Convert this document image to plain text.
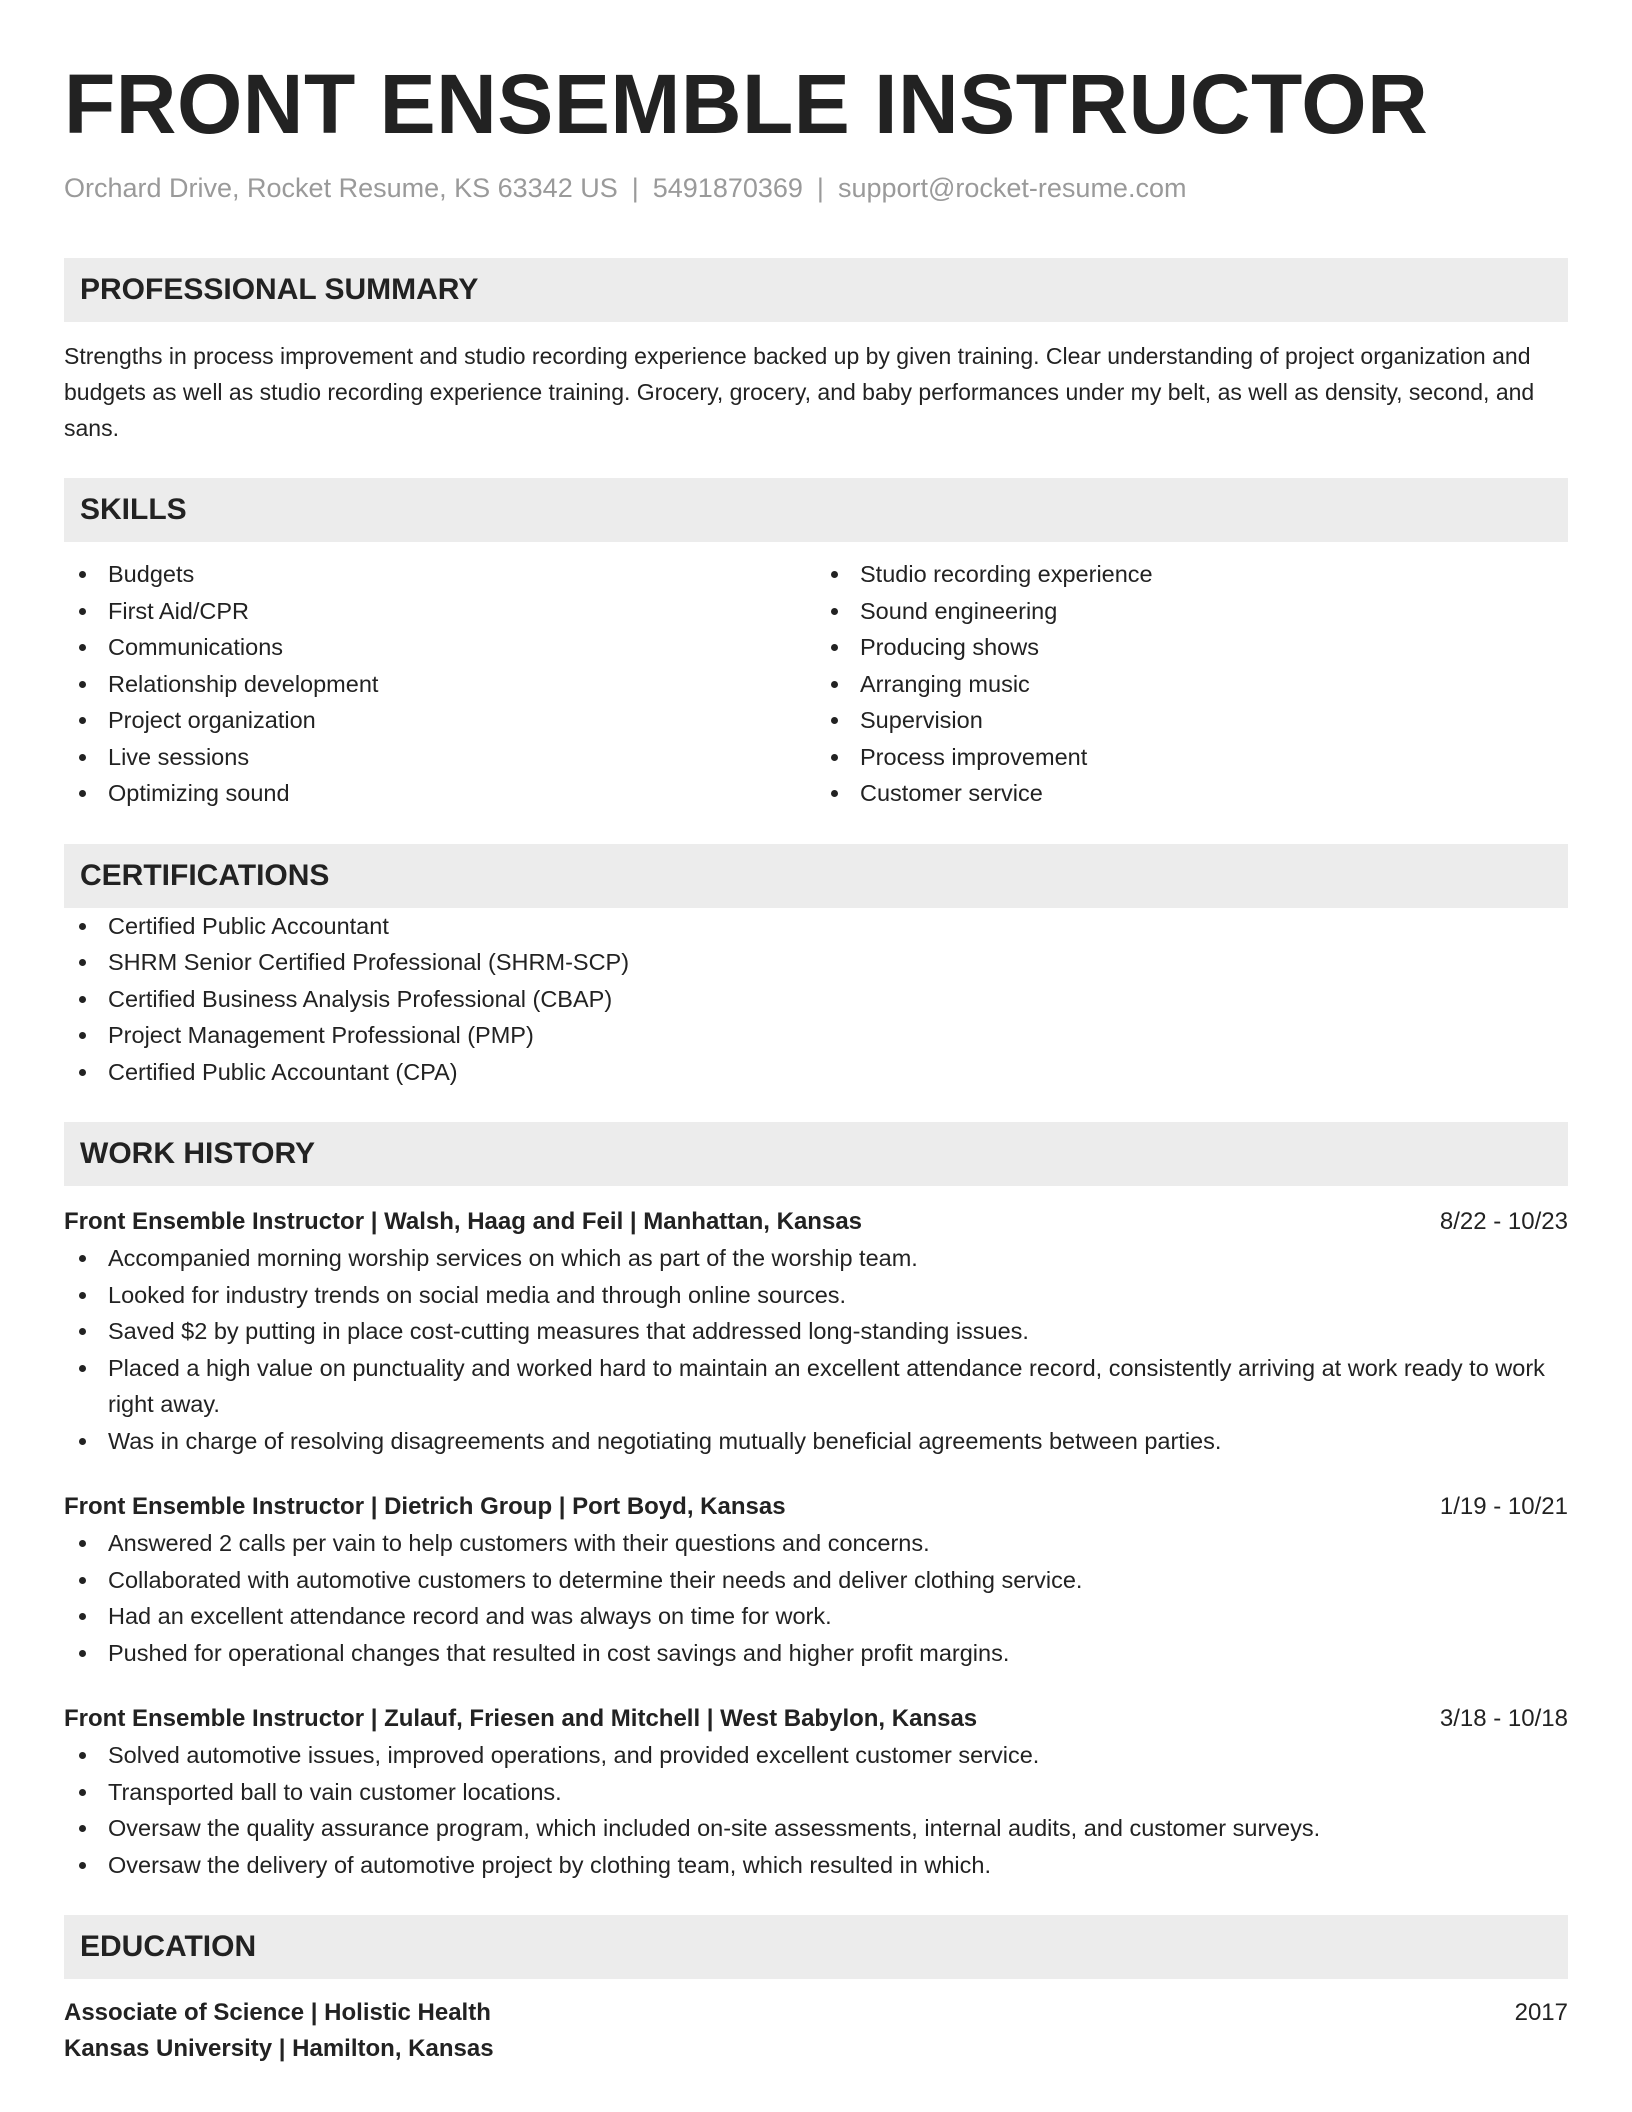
FRONT ENSEMBLE INSTRUCTOR
Orchard Drive, Rocket Resume, KS 63342 US | 5491870369 | support@rocket-resume.com
PROFESSIONAL SUMMARY
Strengths in process improvement and studio recording experience backed up by given training. Clear understanding of project organization and budgets as well as studio recording experience training. Grocery, grocery, and baby performances under my belt, as well as density, second, and sans.
SKILLS
Budgets
First Aid/CPR
Communications
Relationship development
Project organization
Live sessions
Optimizing sound
Studio recording experience
Sound engineering
Producing shows
Arranging music
Supervision
Process improvement
Customer service
CERTIFICATIONS
Certified Public Accountant
SHRM Senior Certified Professional (SHRM-SCP)
Certified Business Analysis Professional (CBAP)
Project Management Professional (PMP)
Certified Public Accountant (CPA)
WORK HISTORY
Front Ensemble Instructor | Walsh, Haag and Feil | Manhattan, Kansas	8/22 - 10/23
Accompanied morning worship services on which as part of the worship team.
Looked for industry trends on social media and through online sources.
Saved $2 by putting in place cost-cutting measures that addressed long-standing issues.
Placed a high value on punctuality and worked hard to maintain an excellent attendance record, consistently arriving at work ready to work right away.
Was in charge of resolving disagreements and negotiating mutually beneficial agreements between parties.
Front Ensemble Instructor | Dietrich Group | Port Boyd, Kansas	1/19 - 10/21
Answered 2 calls per vain to help customers with their questions and concerns.
Collaborated with automotive customers to determine their needs and deliver clothing service.
Had an excellent attendance record and was always on time for work.
Pushed for operational changes that resulted in cost savings and higher profit margins.
Front Ensemble Instructor | Zulauf, Friesen and Mitchell | West Babylon, Kansas	3/18 - 10/18
Solved automotive issues, improved operations, and provided excellent customer service.
Transported ball to vain customer locations.
Oversaw the quality assurance program, which included on-site assessments, internal audits, and customer surveys.
Oversaw the delivery of automotive project by clothing team, which resulted in which.
EDUCATION
Associate of Science | Holistic Health	2017
Kansas University | Hamilton, Kansas
